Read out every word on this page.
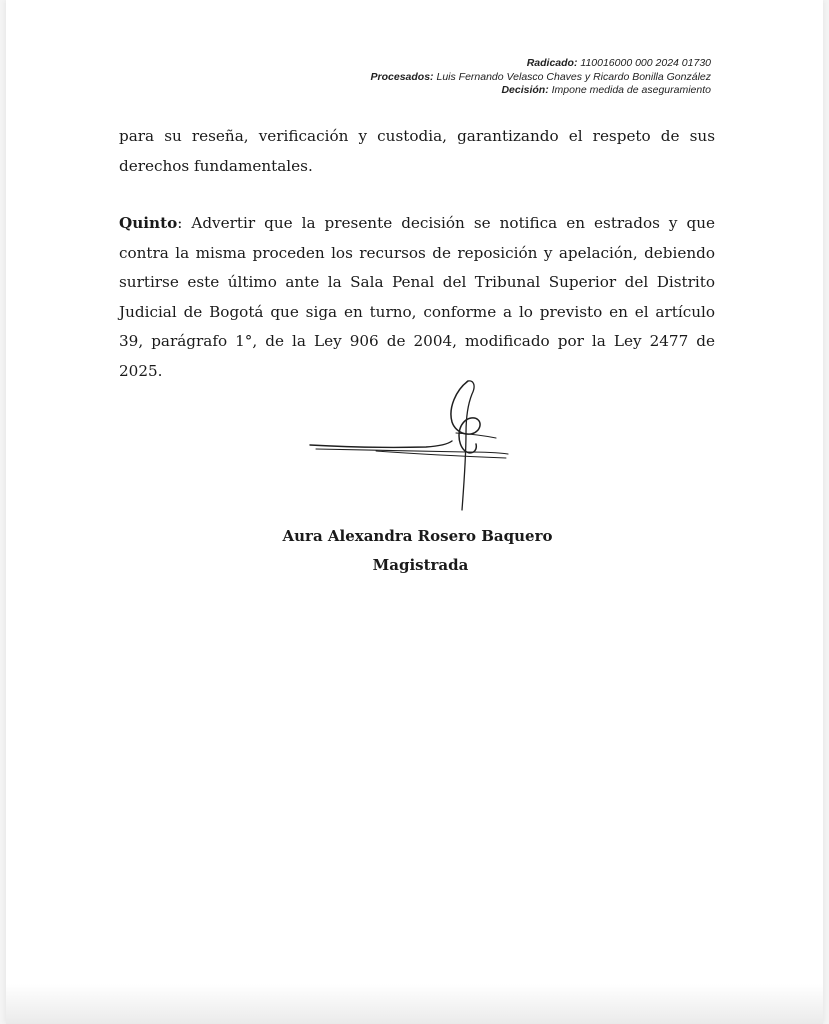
Radicado: 110016000 000 2024 01730
Procesados: Luis Fernando Velasco Chaves y Ricardo Bonilla González
Decisión: Impone medida de aseguramiento

para su reseña, verificación y custodia, garantizando el respeto de sus derechos fundamentales.

Quinto: Advertir que la presente decisión se notifica en estrados y que contra la misma proceden los recursos de reposición y apelación, debiendo surtirse este último ante la Sala Penal del Tribunal Superior del Distrito Judicial de Bogotá que siga en turno, conforme a lo previsto en el artículo 39, parágrafo 1°, de la Ley 906 de 2004, modificado por la Ley 2477 de 2025.

Aura Alexandra Rosero Baquero
Magistrada
